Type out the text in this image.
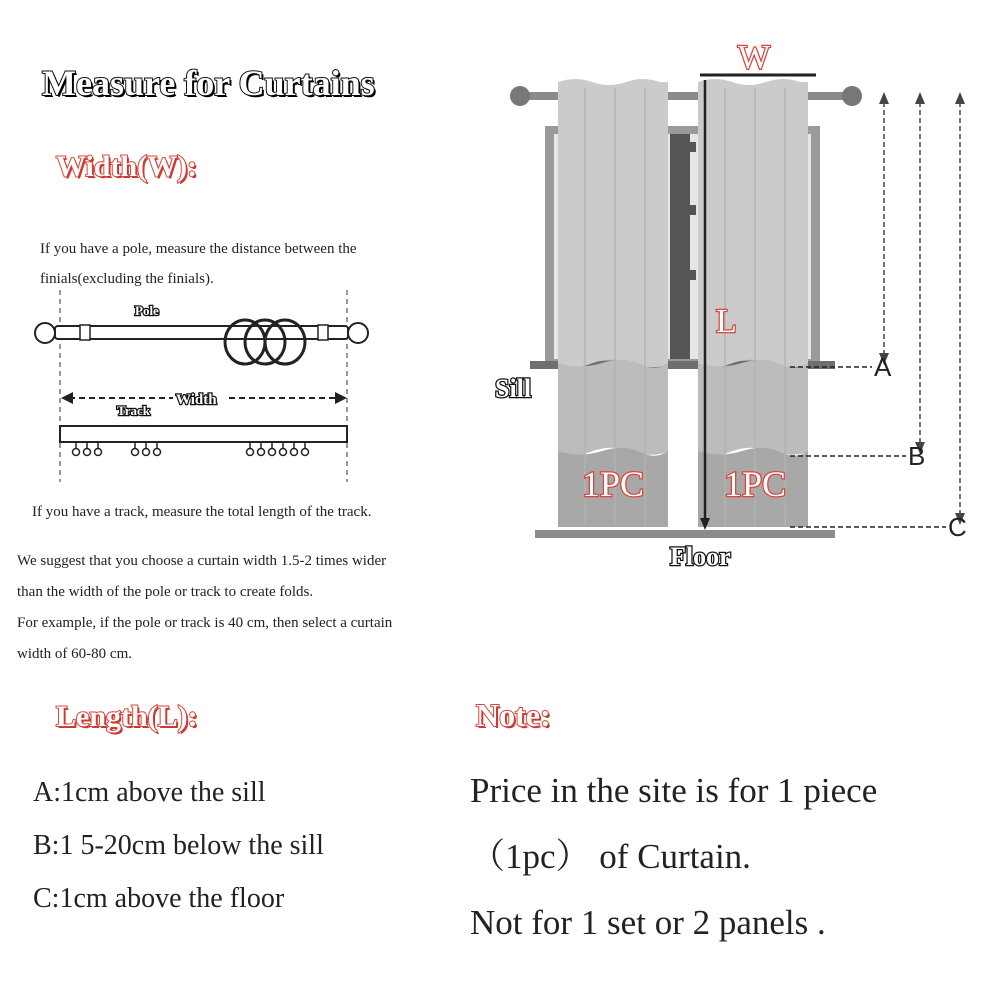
Measure for Curtains
Width(W):
If you have a pole, measure the distance between the
finials(excluding the finials).
Pole
Width
Track
If you have a track, measure the total length of the track.
We suggest that you choose a curtain width 1.5-2 times wider
than the width of the pole or track to create folds.
For example, if the pole or track is 40 cm, then select a curtain
width of 60-80 cm.
Length(L):
A:1cm above the sill
B:1 5-20cm below the sill
C:1cm above the floor
Note:
Price in the site is for 1 piece
（1pc） of Curtain.
Not for 1 set or 2 panels .
W
L
1PC 1PC
Sill
Floor
A
B
C
